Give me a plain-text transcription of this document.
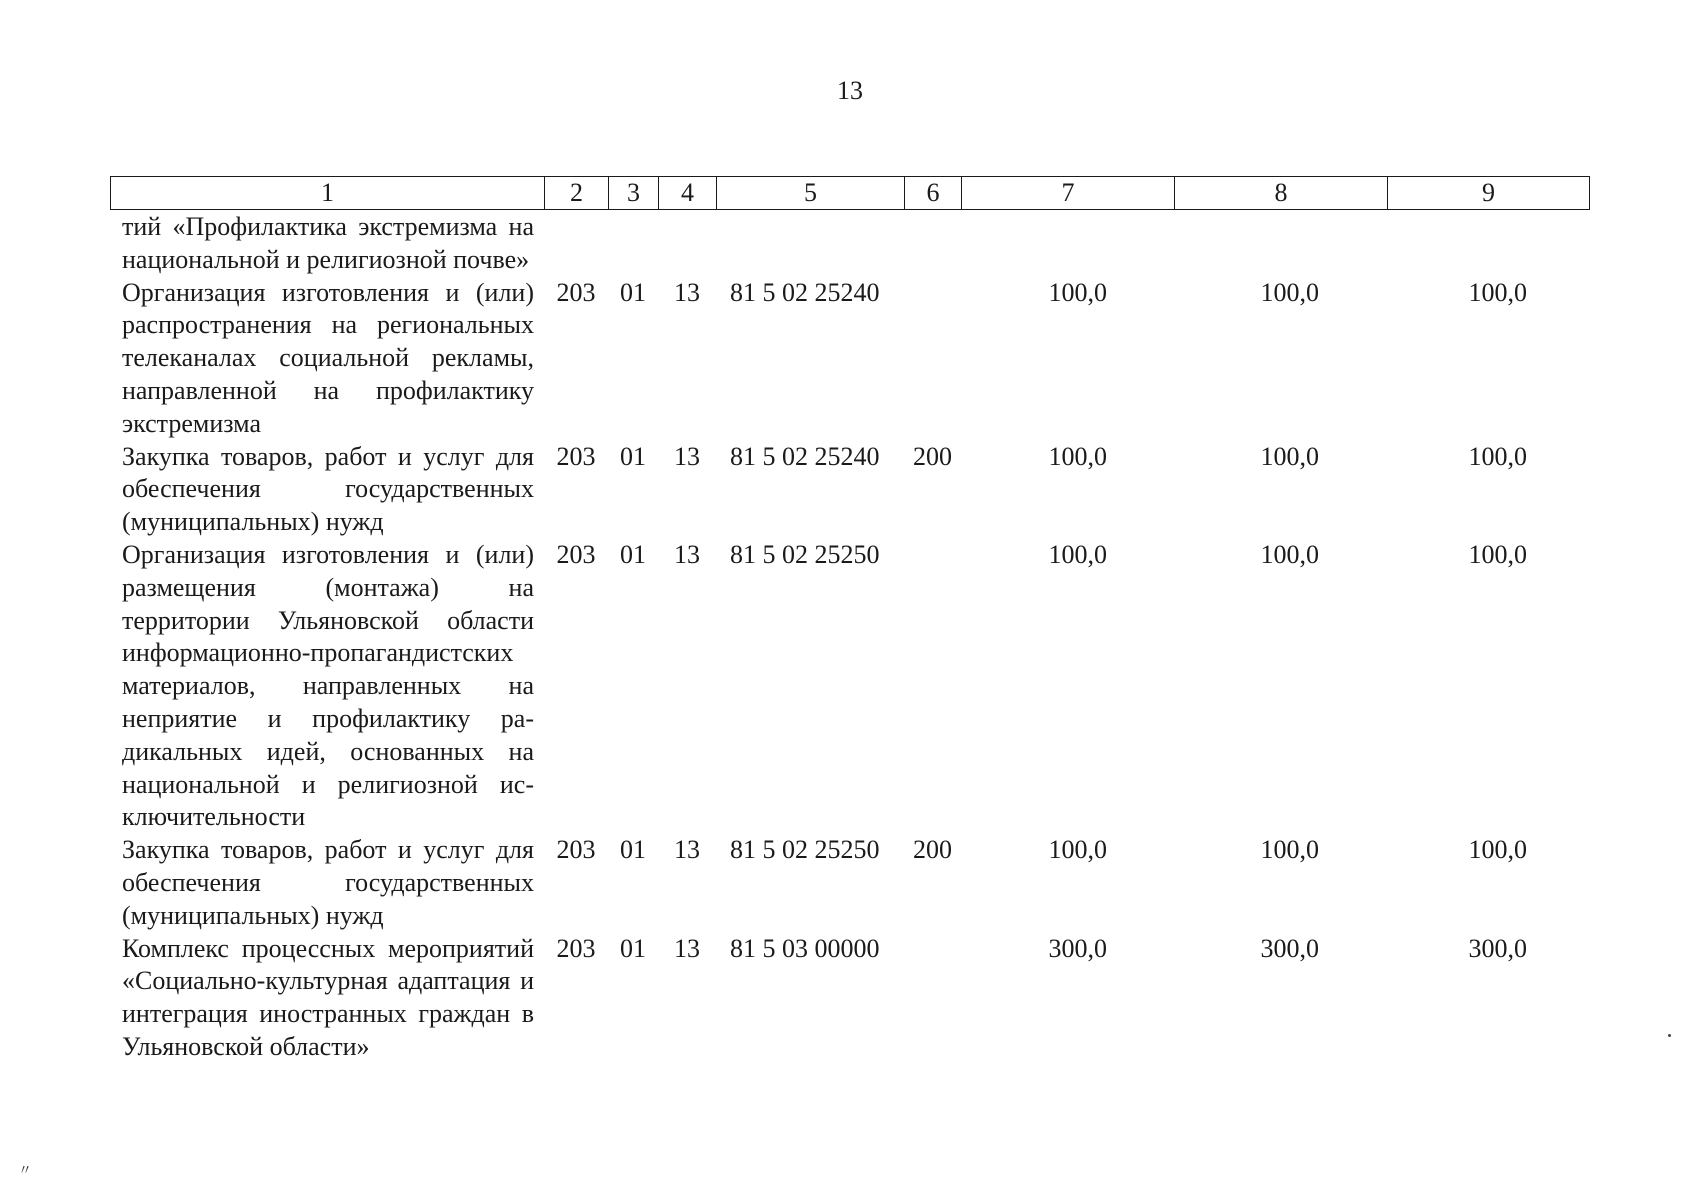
13
1	2	3	4	5	6	7	8	9
тий «Профилактика экстремизма на национальной и религиозной почве»								
Организация изготовления и (или) распространения на региональных телеканалах социальной рекламы, направленной на профилактику экстремизма	203	01	13	81 5 02 25240		100,0	100,0	100,0
Закупка товаров, работ и услуг для обеспечения государственных (муниципальных) нужд	203	01	13	81 5 02 25240	200	100,0	100,0	100,0
Организация изготовления и (или) размещения (монтажа) на территории Ульяновской области информационно-пропагандистских материалов, направленных на неприятие и профилактику радикальных идей, основанных на национальной и религиозной исключительности	203	01	13	81 5 02 25250		100,0	100,0	100,0
Закупка товаров, работ и услуг для обеспечения государственных (муниципальных) нужд	203	01	13	81 5 02 25250	200	100,0	100,0	100,0
Комплекс процессных мероприятий «Социально-культурная адаптация и интеграция иностранных граждан в Ульяновской области»	203	01	13	81 5 03 00000		300,0	300,0	300,0
〃
